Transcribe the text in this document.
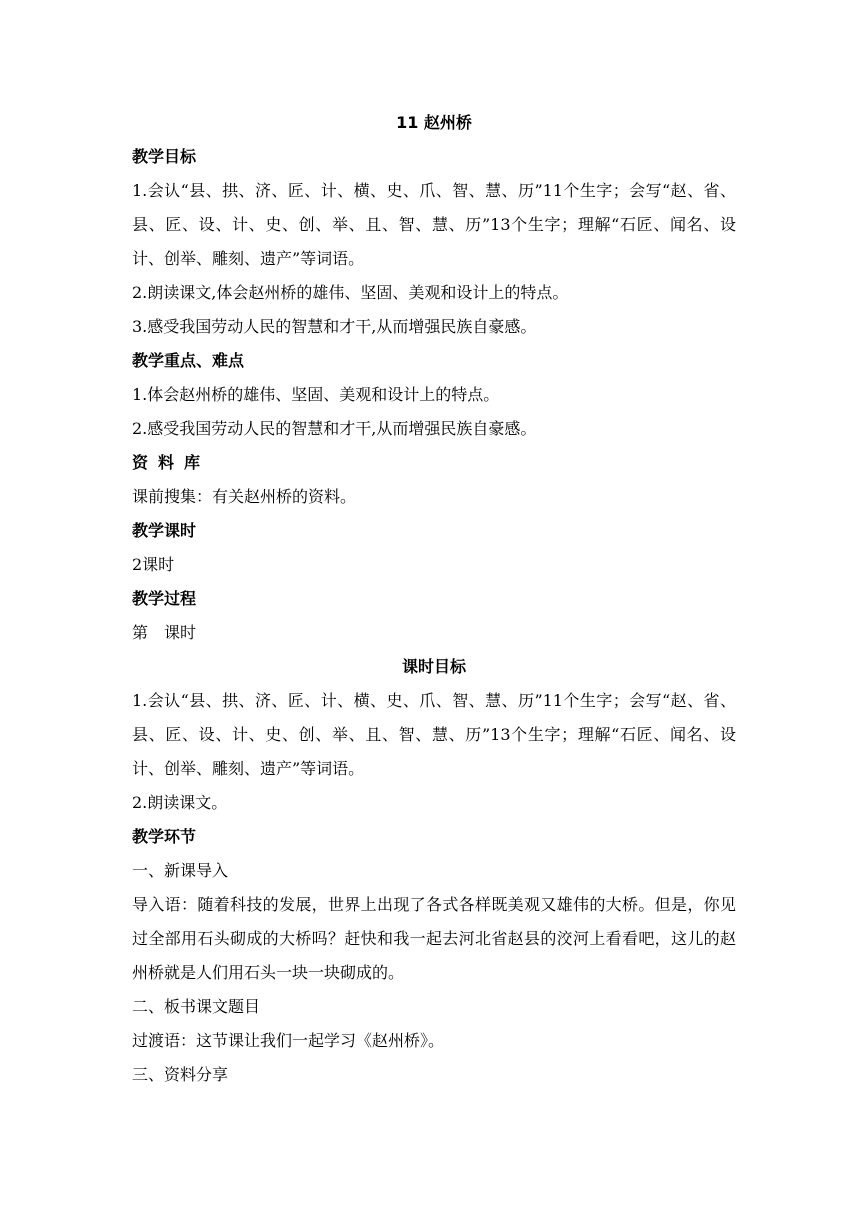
11 赵州桥
教学目标
1.会认“县、拱、济、匠、计、横、史、爪、智、慧、历”11个生字；会写“赵、省、县、匠、设、计、史、创、举、且、智、慧、历”13个生字；理解“石匠、闻名、设计、创举、雕刻、遗产”等词语。
2.朗读课文,体会赵州桥的雄伟、坚固、美观和设计上的特点。
3.感受我国劳动人民的智慧和才干,从而增强民族自豪感。
教学重点、难点
1.体会赵州桥的雄伟、坚固、美观和设计上的特点。
2.感受我国劳动人民的智慧和才干,从而增强民族自豪感。
资料库
课前搜集：有关赵州桥的资料。
教学课时
2课时
教学过程
第　课时
课时目标
1.会认“县、拱、济、匠、计、横、史、爪、智、慧、历”11个生字；会写“赵、省、县、匠、设、计、史、创、举、且、智、慧、历”13个生字；理解“石匠、闻名、设计、创举、雕刻、遗产”等词语。
2.朗读课文。
教学环节
一、新课导入
导入语：随着科技的发展，世界上出现了各式各样既美观又雄伟的大桥。但是，你见过全部用石头砌成的大桥吗？赶快和我一起去河北省赵县的洨河上看看吧，这儿的赵州桥就是人们用石头一块一块砌成的。
二、板书课文题目
过渡语：这节课让我们一起学习《赵州桥》。
三、资料分享
